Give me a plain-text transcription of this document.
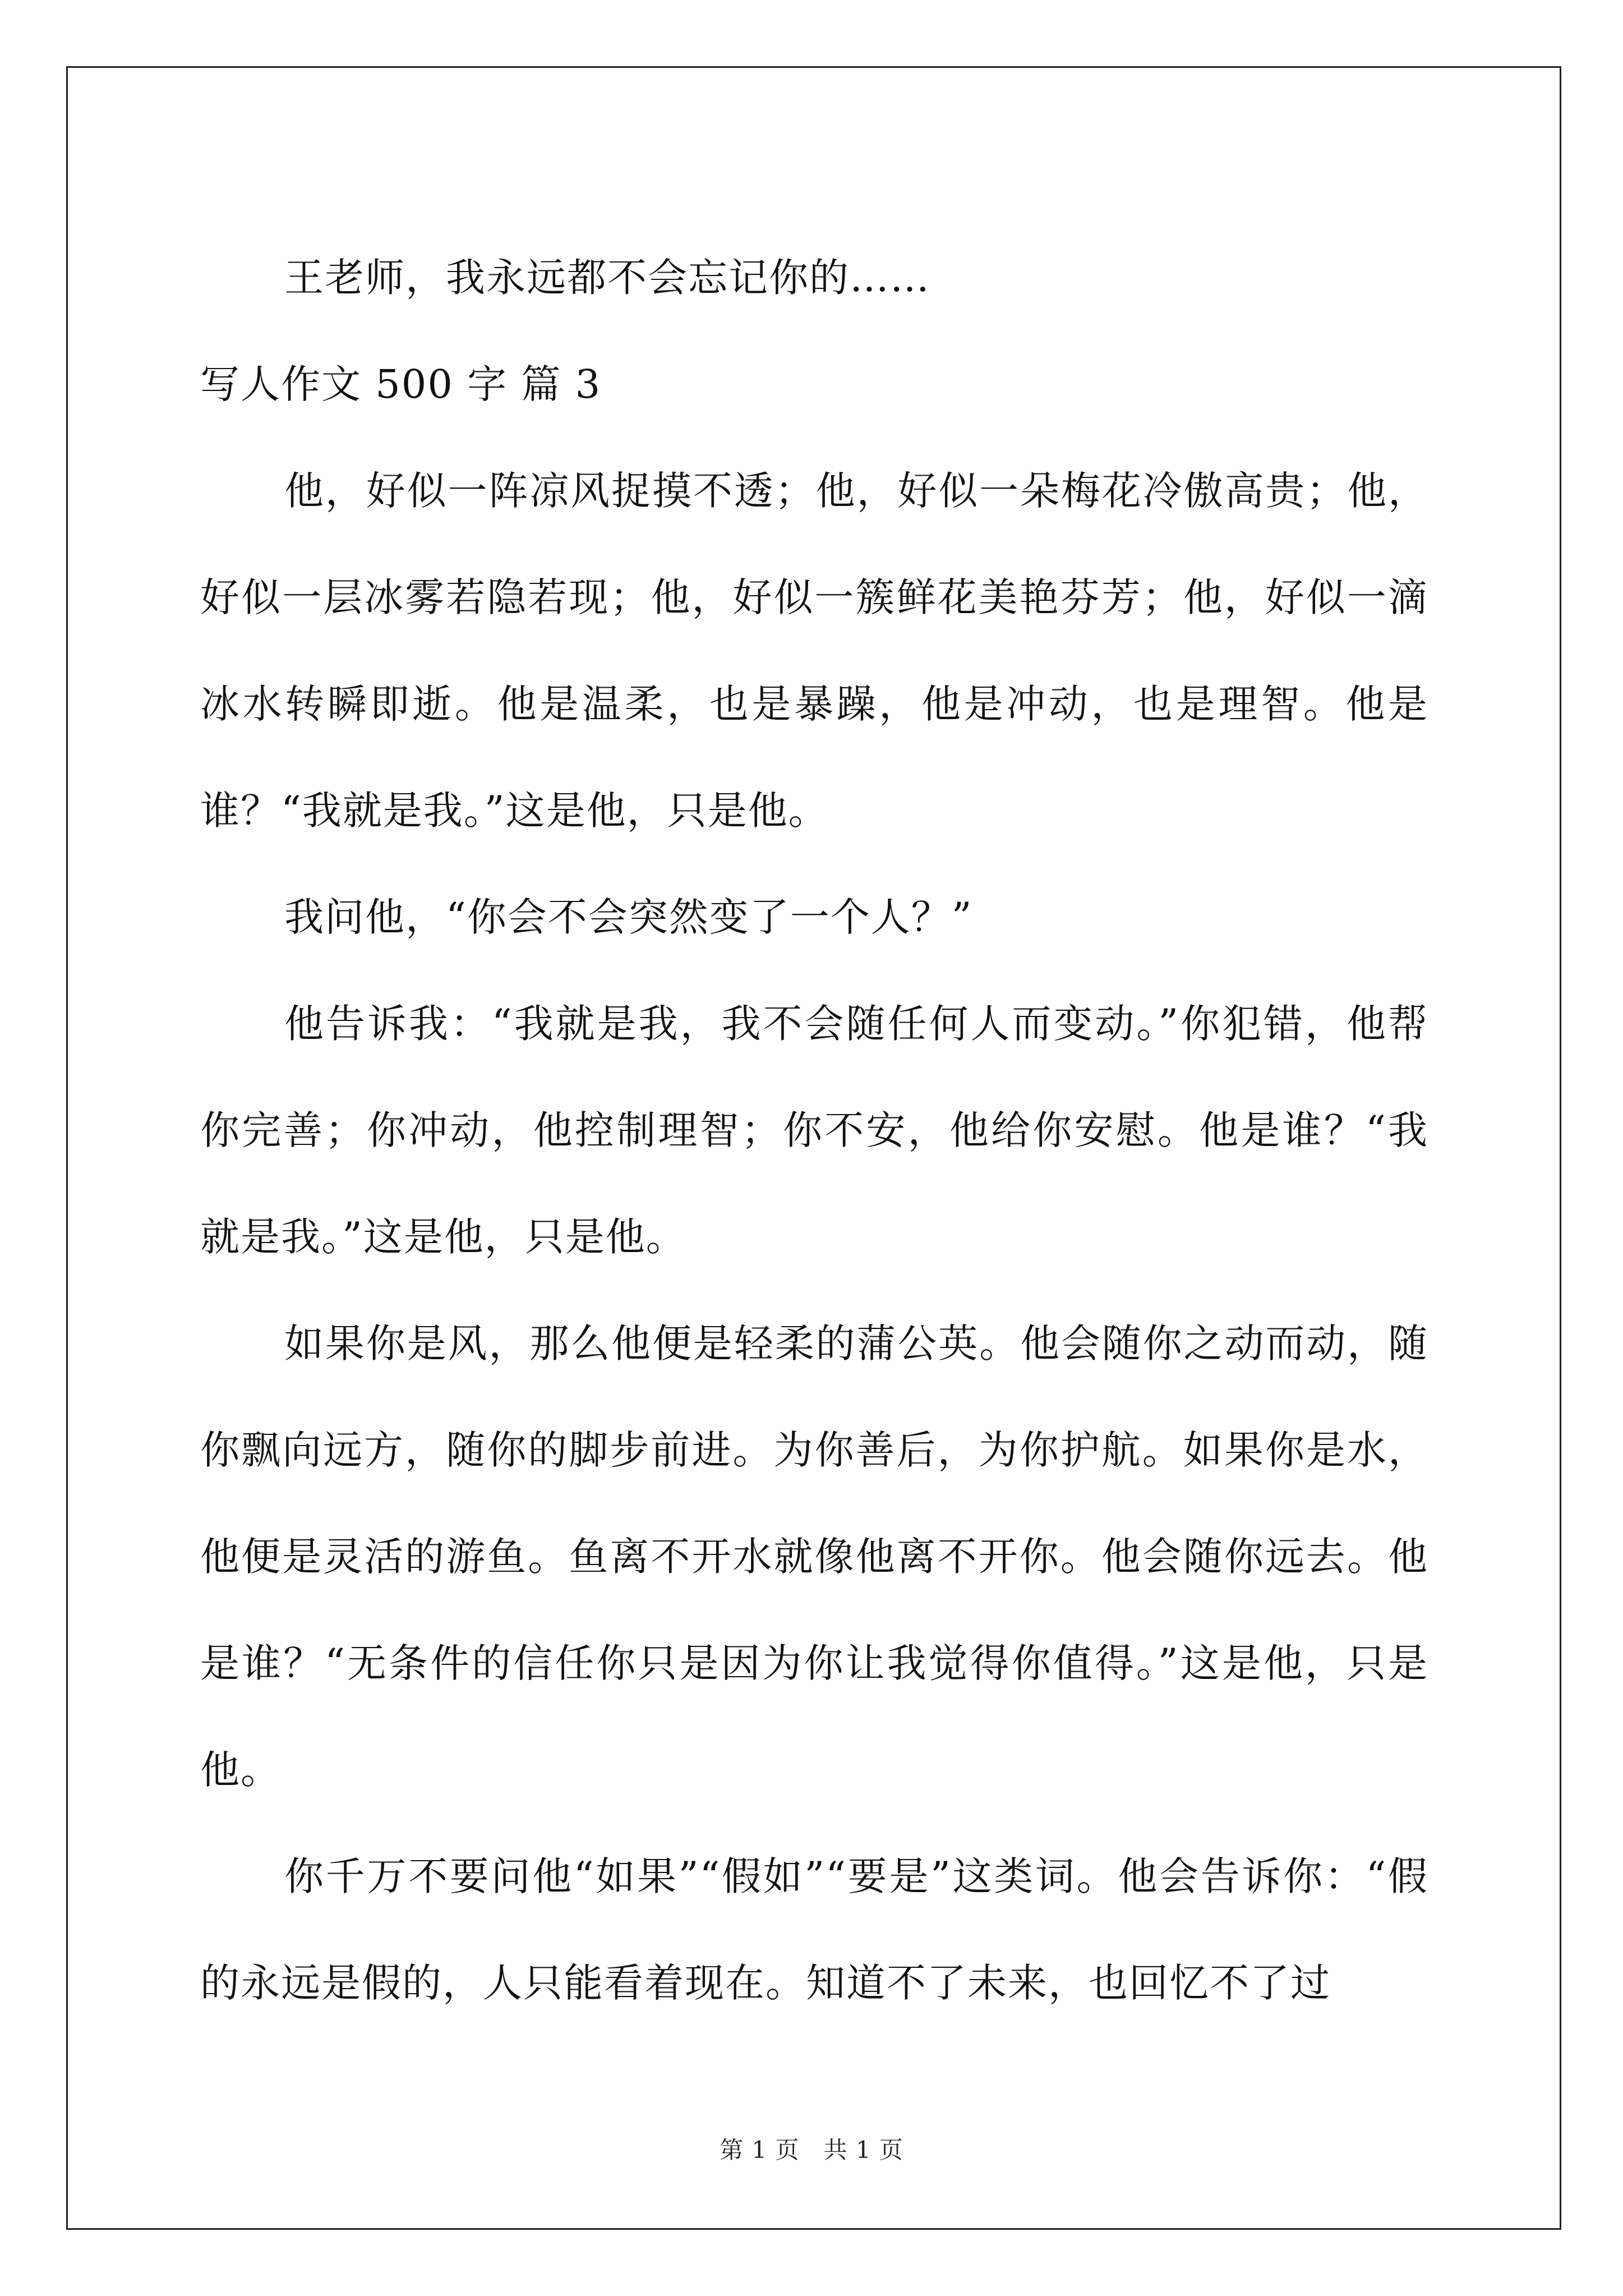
王老师，我永远都不会忘记你的……

写人作文 500 字 篇 3

他，好似一阵凉风捉摸不透；他，好似一朵梅花冷傲高贵；他，好似一层冰雾若隐若现；他，好似一簇鲜花美艳芬芳；他，好似一滴冰水转瞬即逝。他是温柔，也是暴躁，他是冲动，也是理智。他是谁？“我就是我。”这是他，只是他。

我问他，“你会不会突然变了一个人？”

他告诉我：“我就是我，我不会随任何人而变动。”你犯错，他帮你完善；你冲动，他控制理智；你不安，他给你安慰。他是谁？“我就是我。”这是他，只是他。

如果你是风，那么他便是轻柔的蒲公英。他会随你之动而动，随你飘向远方，随你的脚步前进。为你善后，为你护航。如果你是水，他便是灵活的游鱼。鱼离不开水就像他离不开你。他会随你远去。他是谁？“无条件的信任你只是因为你让我觉得你值得。”这是他，只是他。

你千万不要问他“如果”“假如”“要是”这类词。他会告诉你：“假的永远是假的，人只能看着现在。知道不了未来，也回忆不了过

第 1 页　共 1 页
